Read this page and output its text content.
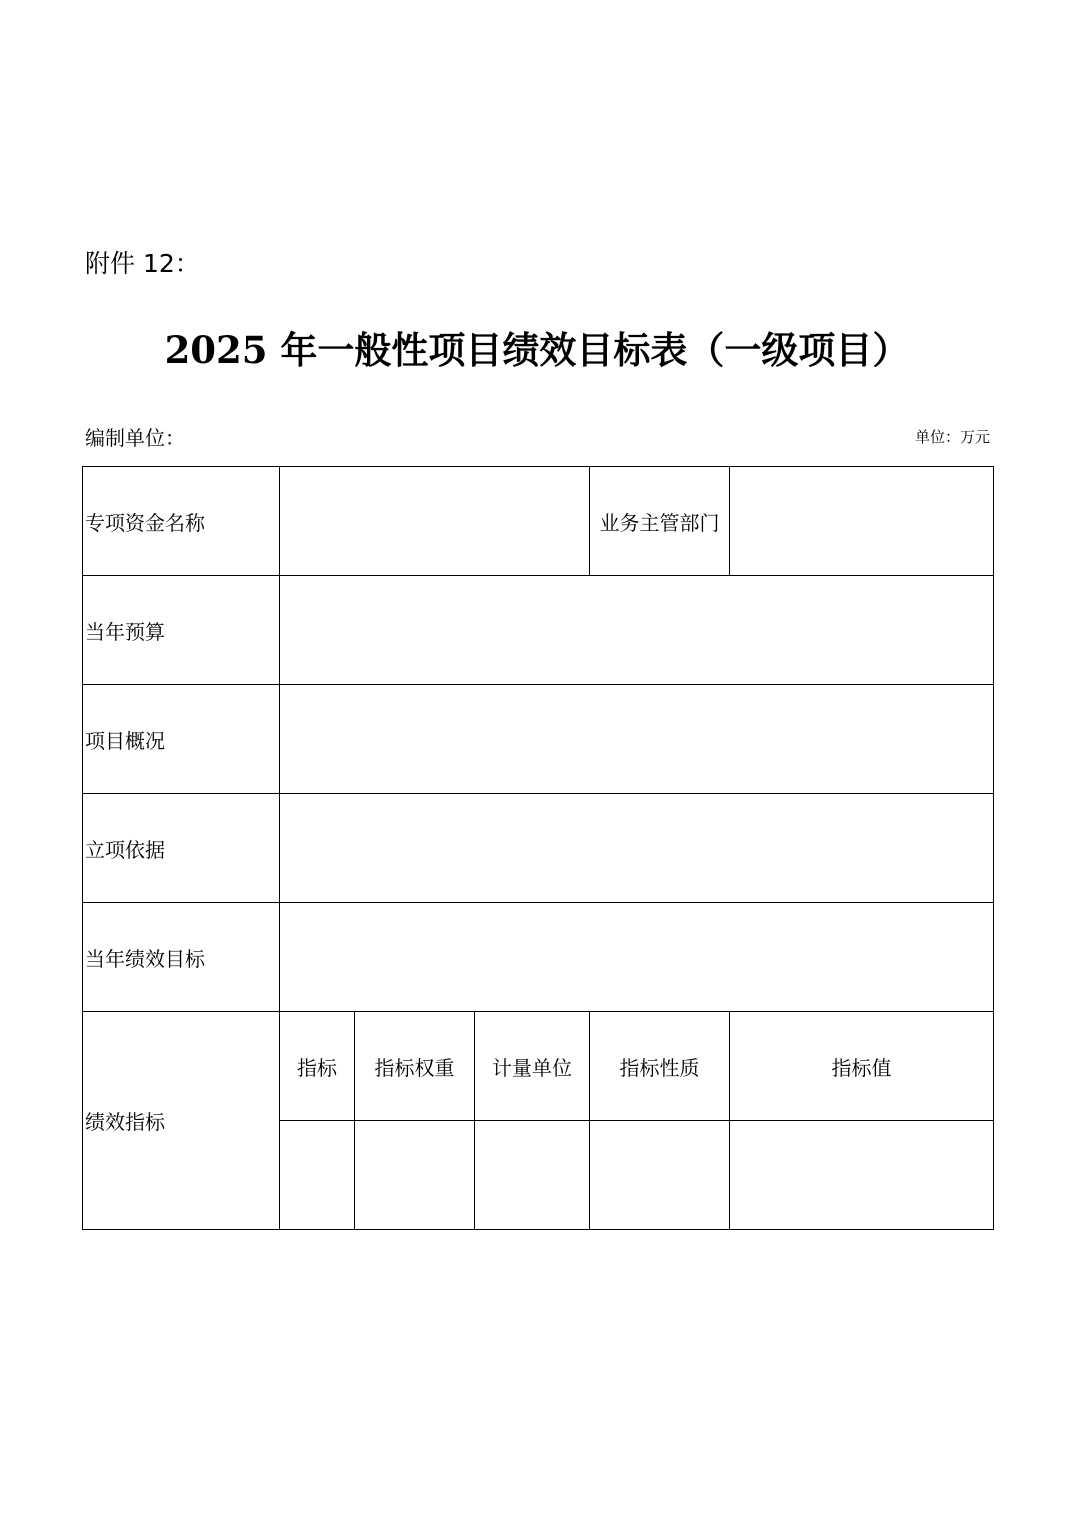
附件 12：
2025 年一般性项目绩效目标表（一级项目）
编制单位：	单位：万元
专项资金名称				业务主管部门	
当年预算					
项目概况					
立项依据					
当年绩效目标					
绩效指标	指标	指标权重	计量单位	指标性质	指标值
